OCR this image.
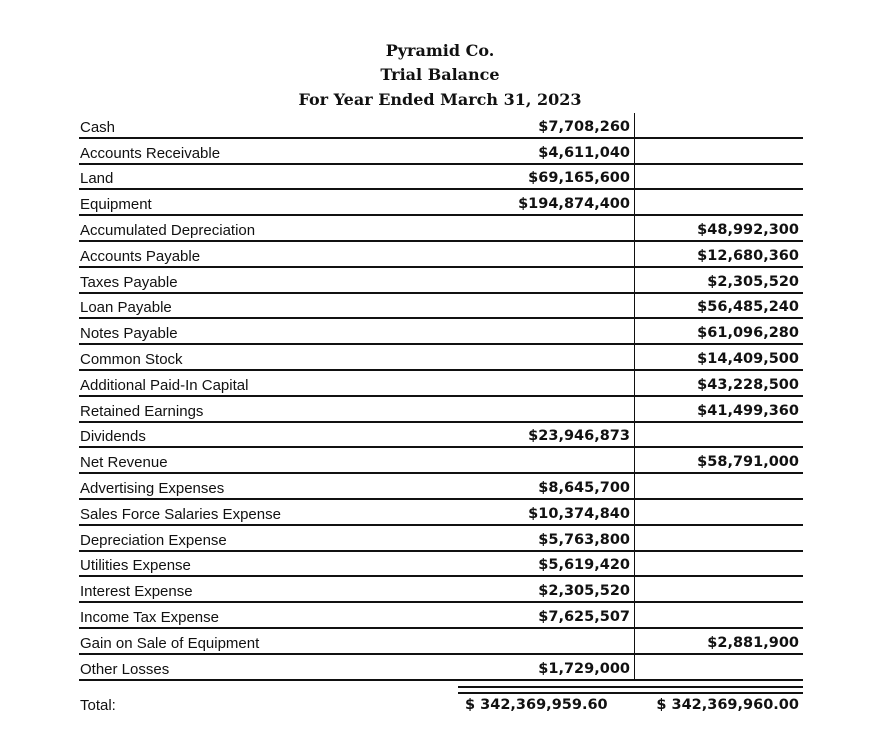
Pyramid Co.
Trial Balance
For Year Ended March 31, 2023
Cash	$7,708,260	
Accounts Receivable	$4,611,040	
Land	$69,165,600	
Equipment	$194,874,400	
Accumulated Depreciation		$48,992,300
Accounts Payable		$12,680,360
Taxes Payable		$2,305,520
Loan Payable		$56,485,240
Notes Payable		$61,096,280
Common Stock		$14,409,500
Additional Paid-In Capital		$43,228,500
Retained Earnings		$41,499,360
Dividends	$23,946,873	
Net Revenue		$58,791,000
Advertising Expenses	$8,645,700	
Sales Force Salaries Expense	$10,374,840	
Depreciation Expense	$5,763,800	
Utilities Expense	$5,619,420	
Interest Expense	$2,305,520	
Income Tax Expense	$7,625,507	
Gain on Sale of Equipment		$2,881,900
Other Losses	$1,729,000	
Total:	$ 342,369,959.60	$ 342,369,960.00
